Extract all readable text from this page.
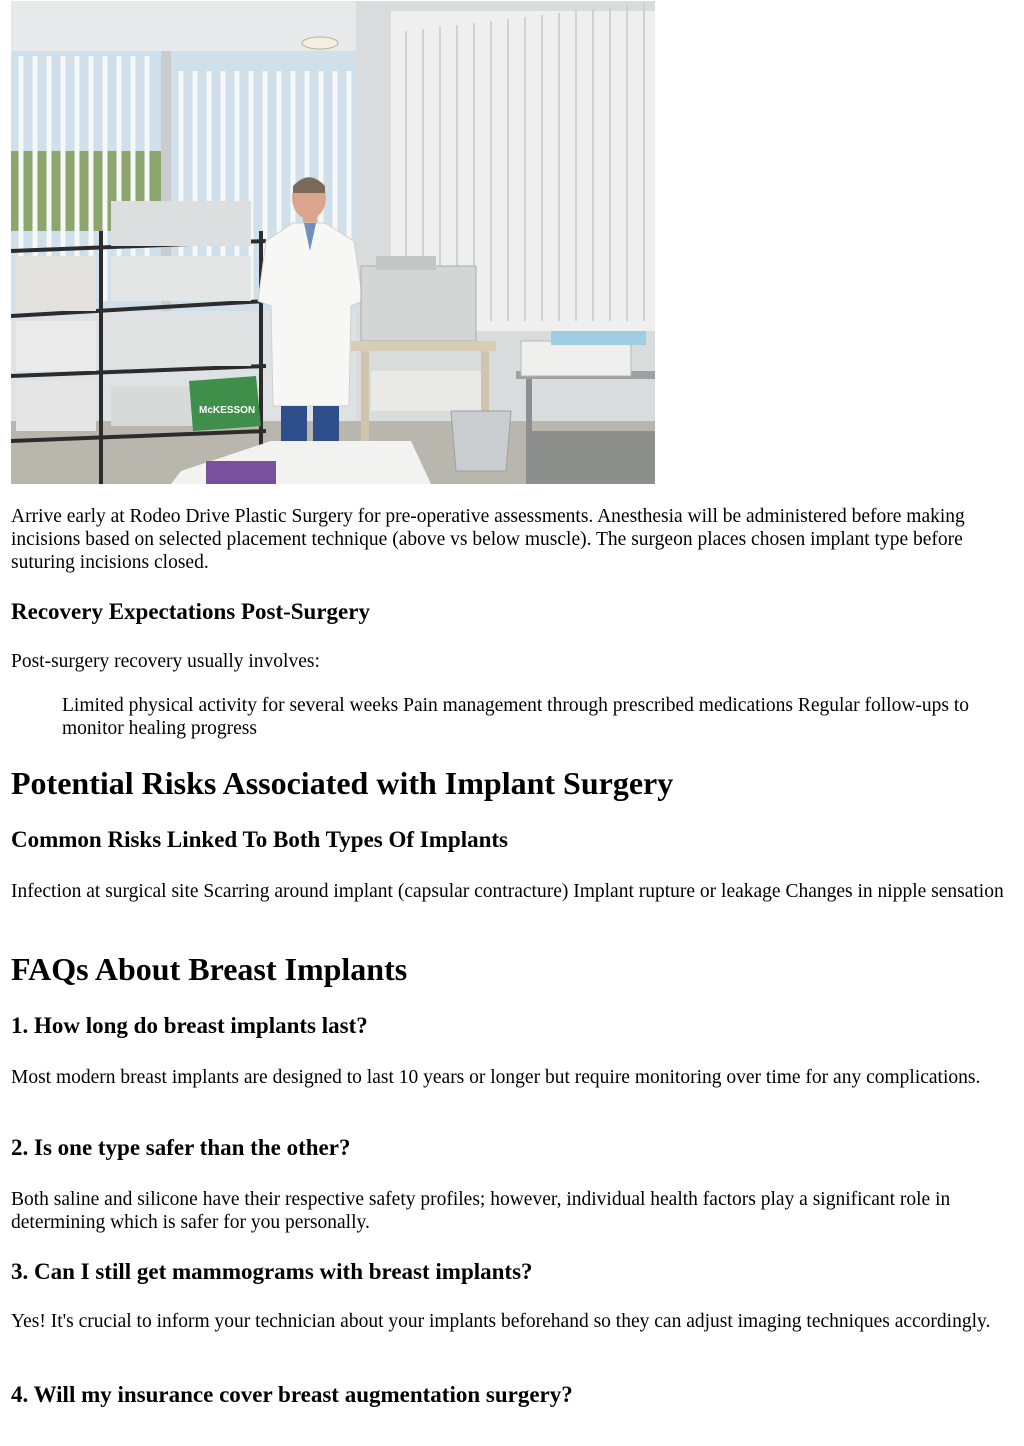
McKESSON

Arrive early at Rodeo Drive Plastic Surgery for pre-operative assessments. Anesthesia will be administered before making incisions based on selected placement technique (above vs below muscle). The surgeon places chosen implant type before suturing incisions closed.

Recovery Expectations Post-Surgery

Post-surgery recovery usually involves:

Limited physical activity for several weeks Pain management through prescribed medications Regular follow-ups to monitor healing progress

Potential Risks Associated with Implant Surgery
Common Risks Linked To Both Types Of Implants

Infection at surgical site Scarring around implant (capsular contracture) Implant rupture or leakage Changes in nipple sensation

FAQs About Breast Implants
1. How long do breast implants last?

Most modern breast implants are designed to last 10 years or longer but require monitoring over time for any complications.

2. Is one type safer than the other?

Both saline and silicone have their respective safety profiles; however, individual health factors play a significant role in determining which is safer for you personally.

3. Can I still get mammograms with breast implants?

Yes! It's crucial to inform your technician about your implants beforehand so they can adjust imaging techniques accordingly.

4. Will my insurance cover breast augmentation surgery?
